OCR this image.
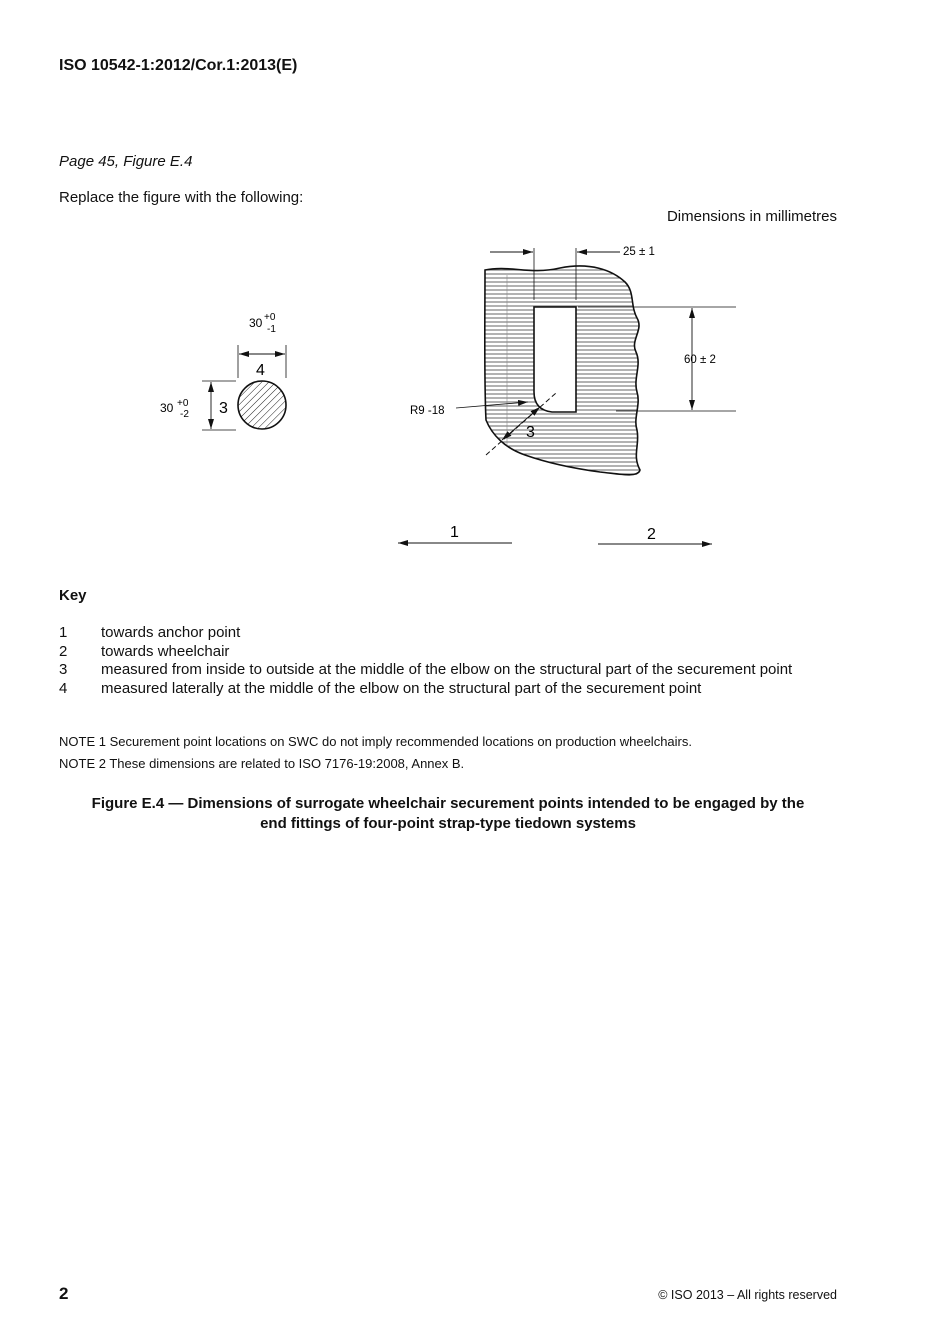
ISO 10542-1:2012/Cor.1:2013(E)
Page 45, Figure E.4
Replace the figure with the following:
Dimensions in millimetres
30 +0
-1
4
30 +0
-2 3
25 ± 1
60 ± 2
R9 -18
3
1	2
Key
1	towards anchor point
2	towards wheelchair
3	measured from inside to outside at the middle of the elbow on the structural part of the securement point
4	measured laterally at the middle of the elbow on the structural part of the securement point
NOTE 1 Securement point locations on SWC do not imply recommended locations on production wheelchairs.
NOTE 2 These dimensions are related to ISO 7176-19:2008, Annex B.
Figure E.4 — Dimensions of surrogate wheelchair securement points intended to be engaged by the
end fittings of four-point strap-type tiedown systems
2	© ISO 2013 – All rights reserved
